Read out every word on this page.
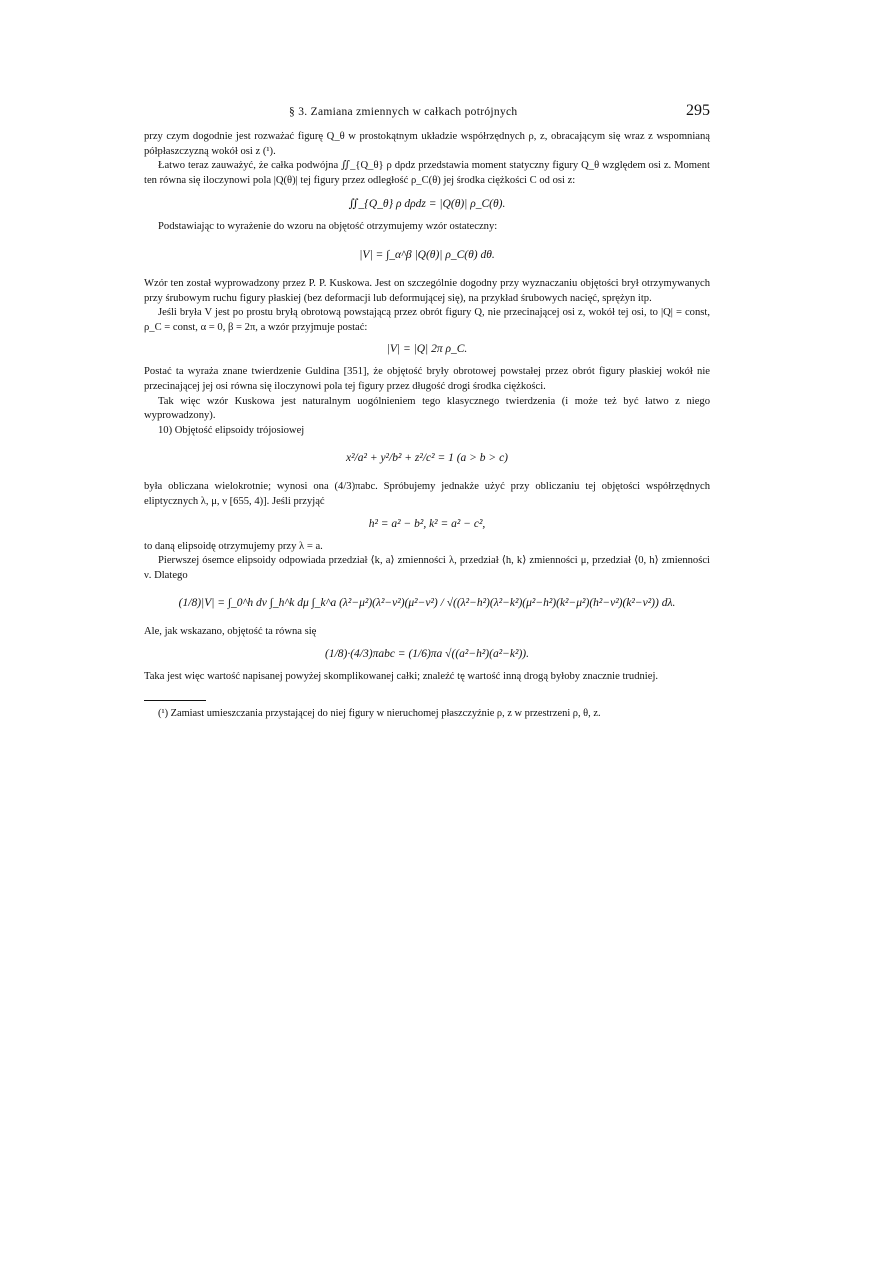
§ 3. Zamiana zmiennych w całkach potrójnych	295

przy czym dogodnie jest rozważać figurę Q_θ w prostokątnym układzie współrzędnych ρ, z, obracającym się wraz z wspomnianą półpłaszczyzną wokół osi z (¹).

Łatwo teraz zauważyć, że całka podwójna ∬_{Q_θ} ρ dρdz przedstawia moment statyczny figury Q_θ względem osi z. Moment ten równa się iloczynowi pola |Q(θ)| tej figury przez odległość ρ_C(θ) jej środka ciężkości C od osi z:

∬_{Q_θ} ρ dρdz = |Q(θ)| ρ_C(θ).

Podstawiając to wyrażenie do wzoru na objętość otrzymujemy wzór ostateczny:

|V| = ∫_α^β |Q(θ)| ρ_C(θ) dθ.

Wzór ten został wyprowadzony przez P. P. Kuskowa. Jest on szczególnie dogodny przy wyznaczaniu objętości brył otrzymywanych przy śrubowym ruchu figury płaskiej (bez deformacji lub deformującej się), na przykład śrubowych nacięć, sprężyn itp.

Jeśli bryła V jest po prostu bryłą obrotową powstającą przez obrót figury Q, nie przecinającej osi z, wokół tej osi, to |Q| = const, ρ_C = const, α = 0, β = 2π, a wzór przyjmuje postać:

|V| = |Q| 2π ρ_C.

Postać ta wyraża znane twierdzenie Guldina [351], że objętość bryły obrotowej powstałej przez obrót figury płaskiej wokół nie przecinającej jej osi równa się iloczynowi pola tej figury przez długość drogi środka ciężkości.

Tak więc wzór Kuskowa jest naturalnym uogólnieniem tego klasycznego twierdzenia (i może też być łatwo z niego wyprowadzony).

10) Objętość elipsoidy trójosiowej

x²/a² + y²/b² + z²/c² = 1 (a > b > c)

była obliczana wielokrotnie; wynosi ona (4/3)πabc. Spróbujemy jednakże użyć przy obliczaniu tej objętości współrzędnych eliptycznych λ, μ, ν [655, 4)]. Jeśli przyjąć

h² = a² − b², k² = a² − c²,

to daną elipsoidę otrzymujemy przy λ = a.

Pierwszej ósemce elipsoidy odpowiada przedział ⟨k, a⟩ zmienności λ, przedział ⟨h, k⟩ zmienności μ, przedział ⟨0, h⟩ zmienności ν. Dlatego

(1/8)|V| = ∫_0^h dν ∫_h^k dμ ∫_k^a (λ²−μ²)(λ²−ν²)(μ²−ν²) / √((λ²−h²)(λ²−k²)(μ²−h²)(k²−μ²)(h²−ν²)(k²−ν²)) dλ.

Ale, jak wskazano, objętość ta równa się

(1/8)·(4/3)πabc = (1/6)πa √((a²−h²)(a²−k²)).

Taka jest więc wartość napisanej powyżej skomplikowanej całki; znaleźć tę wartość inną drogą byłoby znacznie trudniej.

(¹) Zamiast umieszczania przystającej do niej figury w nieruchomej płaszczyźnie ρ, z w przestrzeni ρ, θ, z.
